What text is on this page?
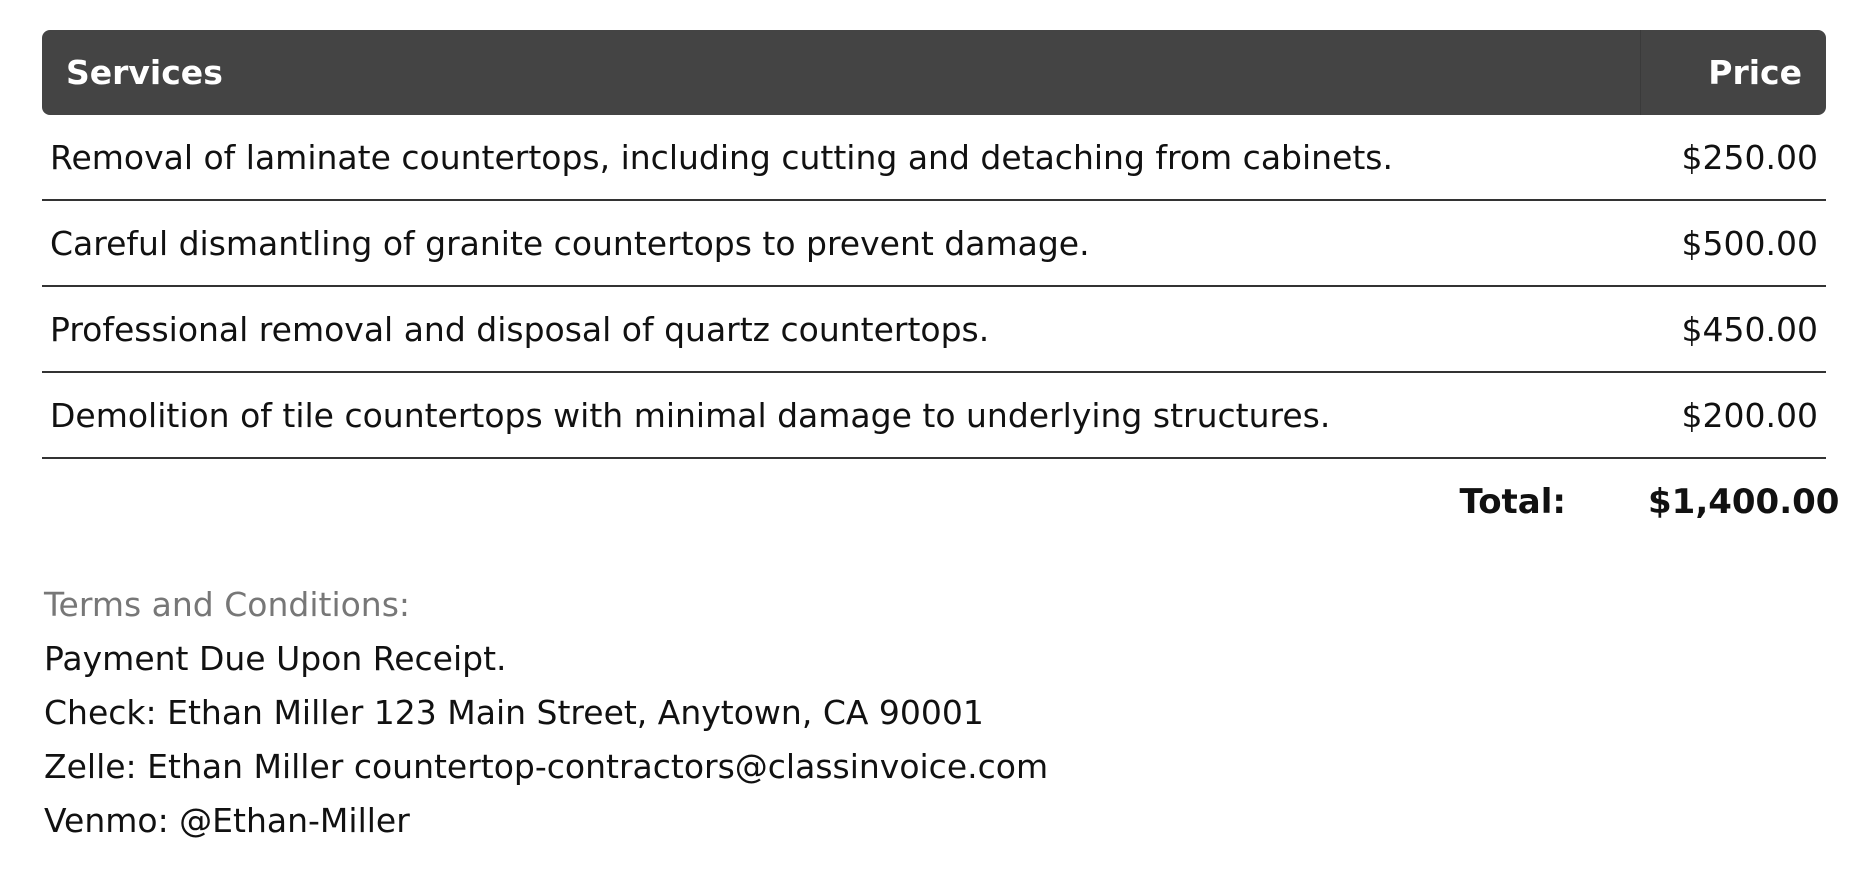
Services	Price
Removal of laminate countertops, including cutting and detaching from cabinets.	$250.00
Careful dismantling of granite countertops to prevent damage.	$500.00
Professional removal and disposal of quartz countertops.	$450.00
Demolition of tile countertops with minimal damage to underlying structures.	$200.00
Total:	$1,400.00
Terms and Conditions:
Payment Due Upon Receipt.
Check: Ethan Miller 123 Main Street, Anytown, CA 90001
Zelle: Ethan Miller countertop-contractors@classinvoice.com
Venmo: @Ethan-Miller
